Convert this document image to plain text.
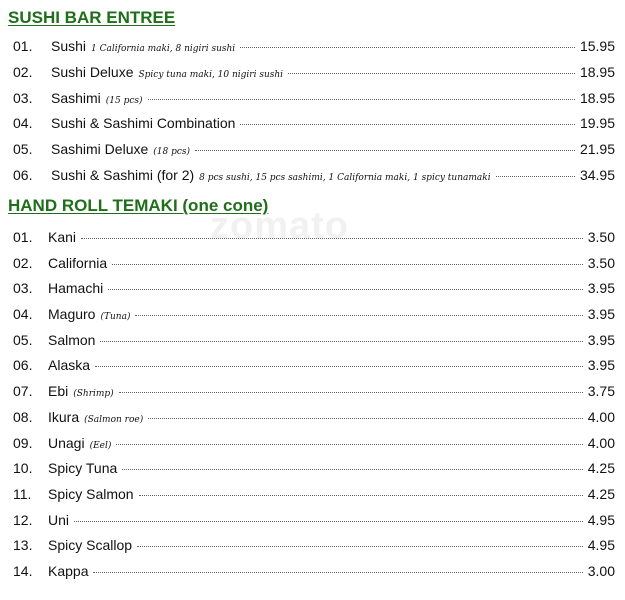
zomato
SUSHI BAR ENTREE
01.	Sushi 1 California maki, 8 nigiri sushi	15.95
02.	Sushi Deluxe Spicy tuna maki, 10 nigiri sushi	18.95
03.	Sashimi (15 pcs)	18.95
04.	Sushi & Sashimi Combination	19.95
05.	Sashimi Deluxe (18 pcs)	21.95
06.	Sushi & Sashimi (for 2) 8 pcs sushi, 15 pcs sashimi, 1 California maki, 1 spicy tunamaki	34.95
HAND ROLL TEMAKI (one cone)
01.	Kani	3.50
02.	California	3.50
03.	Hamachi	3.95
04.	Maguro (Tuna)	3.95
05.	Salmon	3.95
06.	Alaska	3.95
07.	Ebi (Shrimp)	3.75
08.	Ikura (Salmon roe)	4.00
09.	Unagi (Eel)	4.00
10.	Spicy Tuna	4.25
11.	Spicy Salmon	4.25
12.	Uni	4.95
13.	Spicy Scallop	4.95
14.	Kappa	3.00
